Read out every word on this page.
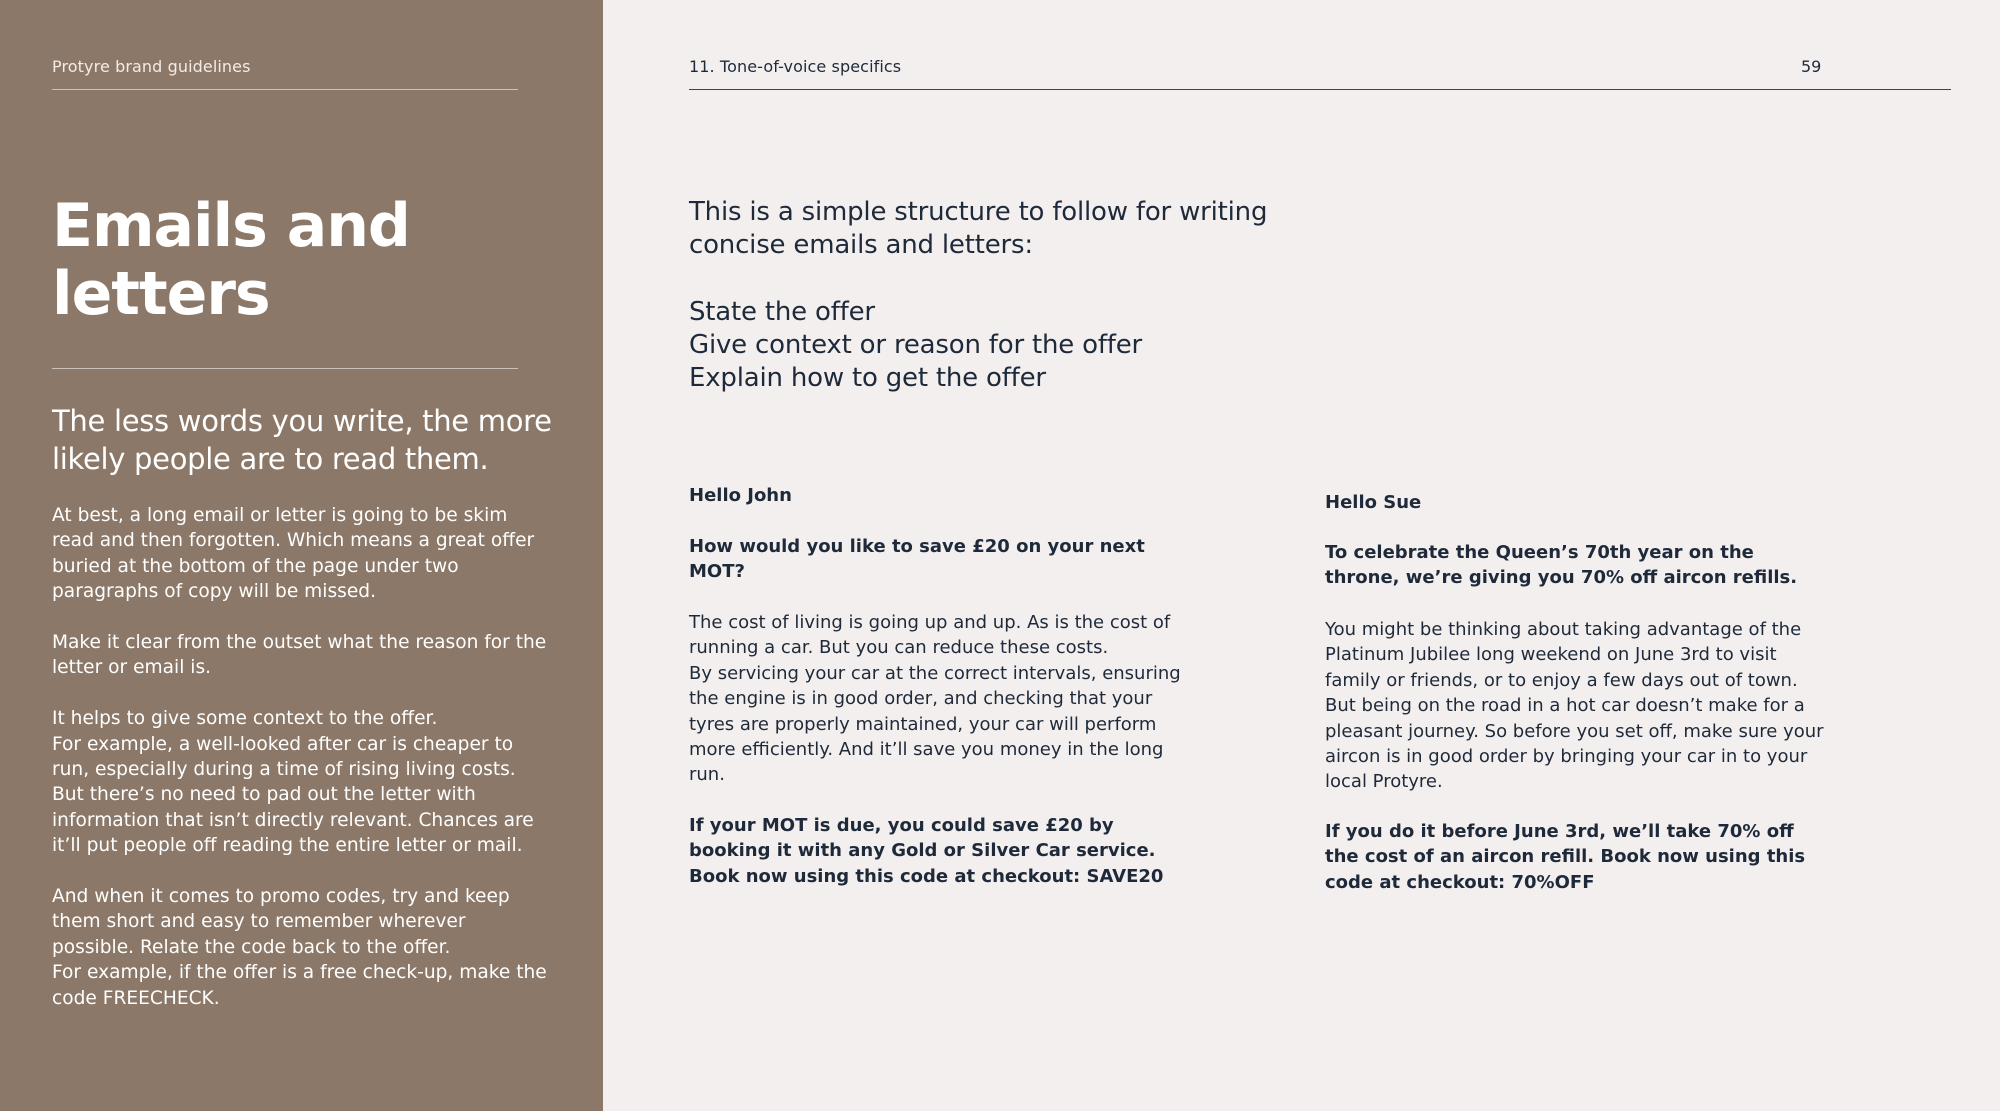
Protyre brand guidelines
Emails and letters
The less words you write, the more likely people are to read them.

At best, a long email or letter is going to be skim read and then forgotten. Which means a great offer buried at the bottom of the page under two paragraphs of copy will be missed.

Make it clear from the outset what the reason for the letter or email is.

It helps to give some context to the offer.
For example, a well-looked after car is cheaper to run, especially during a time of rising living costs. But there’s no need to pad out the letter with information that isn’t directly relevant. Chances are it’ll put people off reading the entire letter or mail.

And when it comes to promo codes, try and keep them short and easy to remember wherever possible. Relate the code back to the offer.
For example, if the offer is a free check-up, make the code FREECHECK.

11. Tone-of-voice specifics	59
This is a simple structure to follow for writing concise emails and letters:
State the offer
Give context or reason for the offer
Explain how to get the offer
Hello John
How would you like to save £20 on your next MOT?
The cost of living is going up and up. As is the cost of running a car. But you can reduce these costs.
By servicing your car at the correct intervals, ensuring the engine is in good order, and checking that your tyres are properly maintained, your car will perform more efficiently. And it’ll save you money in the long run.
If your MOT is due, you could save £20 by booking it with any Gold or Silver Car service. Book now using this code at checkout: SAVE20
Hello Sue
To celebrate the Queen’s 70th year on the throne, we’re giving you 70% off aircon refills.
You might be thinking about taking advantage of the Platinum Jubilee long weekend on June 3rd to visit family or friends, or to enjoy a few days out of town. But being on the road in a hot car doesn’t make for a pleasant journey. So before you set off, make sure your aircon is in good order by bringing your car in to your local Protyre.
If you do it before June 3rd, we’ll take 70% off the cost of an aircon refill. Book now using this code at checkout: 70%OFF
